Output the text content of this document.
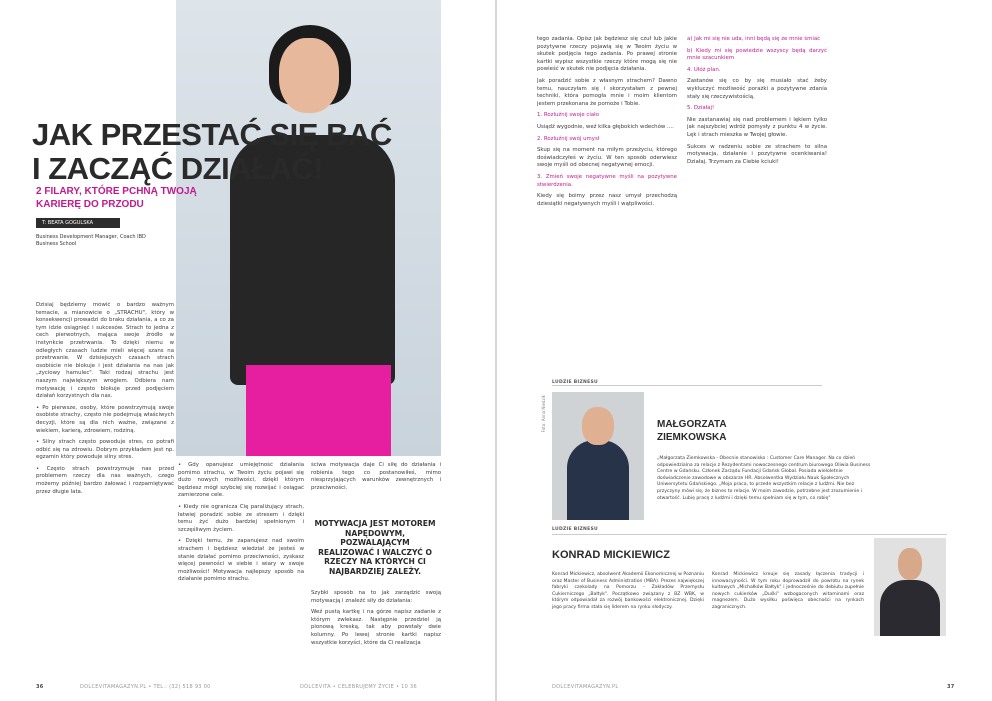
JAK PRZESTAĆ SIĘ BAĆ
I ZACZĄĆ DZIAŁAĆ!
2 FILARY, KTÓRE PCHNĄ TWOJĄ KARIERĘ DO PRZODU
T: BEATA GOGULSKA
Business Development Manager, Coach IBD Business School

Dzisiaj będziemy mówić o bardzo ważnym temacie, a mianowicie o „STRACHU", który w konsekwencji prowadzi do braku działania, a co za tym idzie osiągnięć i sukcesów. Strach to jedna z cech pierwotnych, mająca swoje źródło w instynkcie przetrwania. To dzięki niemu w odległych czasach ludzie mieli więcej szans na przetrwanie. W dzisiejszych czasach strach osobiście nie blokuje i jest działania na nas jak „życiowy hamulec". Taki rodzaj strachu jest naszym największym wrogiem. Odbiera nam motywację i często blokuje przed podjęciem działań korzystnych dla nas.

• Po pierwsze, osoby, które powstrzymują swoje osobiste strachy, często nie podejmują właściwych decyzji, które są dla nich ważne, związane z wiekiem, karierą, zdrowiem, rodziną.

• Silny strach często powoduje stres, co potrafi odbić się na zdrowiu. Dobrym przykładem jest np. egzamin który powoduje silny stres.

• Często strach powstrzymuje nas przed problemem rzeczy dla nas ważnych, czego możemy później bardzo żałować i rozpamiętywać przez długie lata.

• Gdy opanujesz umiejętność działania pomimo strachu, w Twoim życiu pojawi się dużo nowych możliwości, dzięki którym będziesz mógł szybciej się rozwijać i osiągać zamierzone cele.

• Kiedy nie ogranicza Cię paraliżujący strach, łatwiej poradzić sobie ze stresem i dzięki temu żyć dużo bardziej spełnionym i szczęśliwym życiem.

• Dzięki temu, że zapanujesz nad swoim strachem i będziesz wiedział że jesteś w stanie działać pomimo przeciwności, zyskasz więcej pewności w siebie i wiary w swoje możliwości! Motywacja najlepszy sposób na działanie pomimo strachu.

ściwa motywacja daje Ci siłę do działania i robienia tego co postanowiłeś, mimo niesprzyjających warunków zewnętrznych i przeciwności.

MOTYWACJA JEST MOTOREM NAPĘDOWYM, POZWALAJĄCYM REALIZOWAĆ I WALCZYĆ O RZECZY NA KTÓRYCH CI NAJBARDZIEJ ZALEŻY.

Szybki sposób na to jak zarządzić swoją motywacją i znaleźć siły do działania:

Weź pustą kartkę i na górze napisz zadanie z którym zwlekasz. Następnie przedziel ją pionową kreską, tak aby powstały dwie kolumny. Po lewej stronie kartki napisz wszystkie korzyści, które da Ci realizacja

36	DOLCEVITAMAGAZYN.PL • TEL.: (32) 518 93 00	DOLCEVITA • CELEBRUJEMY ŻYCIE • 10 36

tego zadania. Opisz jak będziesz się czuł lub jakie pozytywne rzeczy pojawią się w Twoim życiu w skutek podjęcia tego zadania. Po prawej stronie kartki wypisz wszystkie rzeczy które mogą się nie powieść w skutek nie podjęcia działania.

Jak poradzić sobie z własnym strachem? Dawno temu, nauczyłam się i skorzystałam z pewnej techniki, która pomogła mnie i moim klientom jestem przekonana że pomoże i Tobie.

1. Rozluźnij swoje ciało

Usiądź wygodnie, weź kilka głębokich wdechów ....

2. Rozluźnij swój umysł

Skup się na moment na miłym przeżyciu, którego doświadczyłeś w życiu. W ten sposób oderwiesz swoje myśli od obecnej negatywnej emocji.

3. Zmień swoje negatywne myśli na pozytywne stwierdzenia.

Kiedy się boimy przez nasz umysł przechodzą dziesiątki negatywnych myśli i wątpliwości.

a) Jak mi się nie uda, inni będą się ze mnie śmiać

b) Kiedy mi się powiedzie wszyscy będą darzyć mnie szacunkiem

4. Ułóż plan.

Zastanów się co by się musiało stać żeby wykluczyć możliwość porażki a pozytywne zdania stały się rzeczywistością.

5. Działaj!

Nie zastanawiaj się nad problemem i lękiem tylko jak najszybciej wdróż pomysły z punktu 4 w życie. Lęk i strach mieszka w Twojej głowie.

Sukces w radzeniu sobie ze strachem to silna motywacja, działanie i pozytywne ocenkiwania! Działaj. Trzymam za Ciebie kciuki!

LUDZIE BIZNESU
Foto: Anna Niedzik	MAŁGORZATA
ZIEMKOWSKA
„Małgorzata Ziemkowska - Obecnie stanowisko : Customer Care Manager. Na co dzień odpowiedzialna za relacje z Rezydentami nowoczesnego centrum biurowego Oliwia Business Centre w Gdańsku. Członek Zarządu Fundacji Gdańsk Global. Posiada wieloletnie doświadczenie zawodowe w obszarze HR. Absolwentka Wydziału Nauk Społecznych Uniwersytetu Gdańskiego. „Moja praca, to przede wszystkim relacje z ludźmi. Nie bez przyczyny mówi się, że biznes to relacje. W moim zawodzie, potrzebne jest zrozumienie i otwartość. Lubię pracę z ludźmi i dzięki temu spełniam się w tym, co robię"
LUDZIE BIZNESU
KONRAD MICKIEWICZ
Konrad Mickiewicz, absolwent Akademii Ekonomicznej w Poznaniu oraz Master of Business Administration (MBA). Prezes największej fabryki czekolady na Pomorzu – Zakładów Przemysłu Cukierniczego „Bałtyk". Początkowo związany z BZ WBK, w którym odpowiadał za rozwój bankowości elektronicznej. Dzięki jego pracy firma stała się liderem na rynku słodyczy.
Konrad Mickiewicz kreuje się zasady łączenia tradycji i innowacyjności. W tym roku doprowadził do powrotu na rynek kultowych „Michałków Bałtyk" i jednocześnie do debiutu zupełnie nowych cukierków „Duśki" wzbogaconych witaminami oraz magnezem. Dużo wysiłku poświęca obecności na rynkach zagranicznych.
DOLCEVITAMAGAZYN.PL	37
